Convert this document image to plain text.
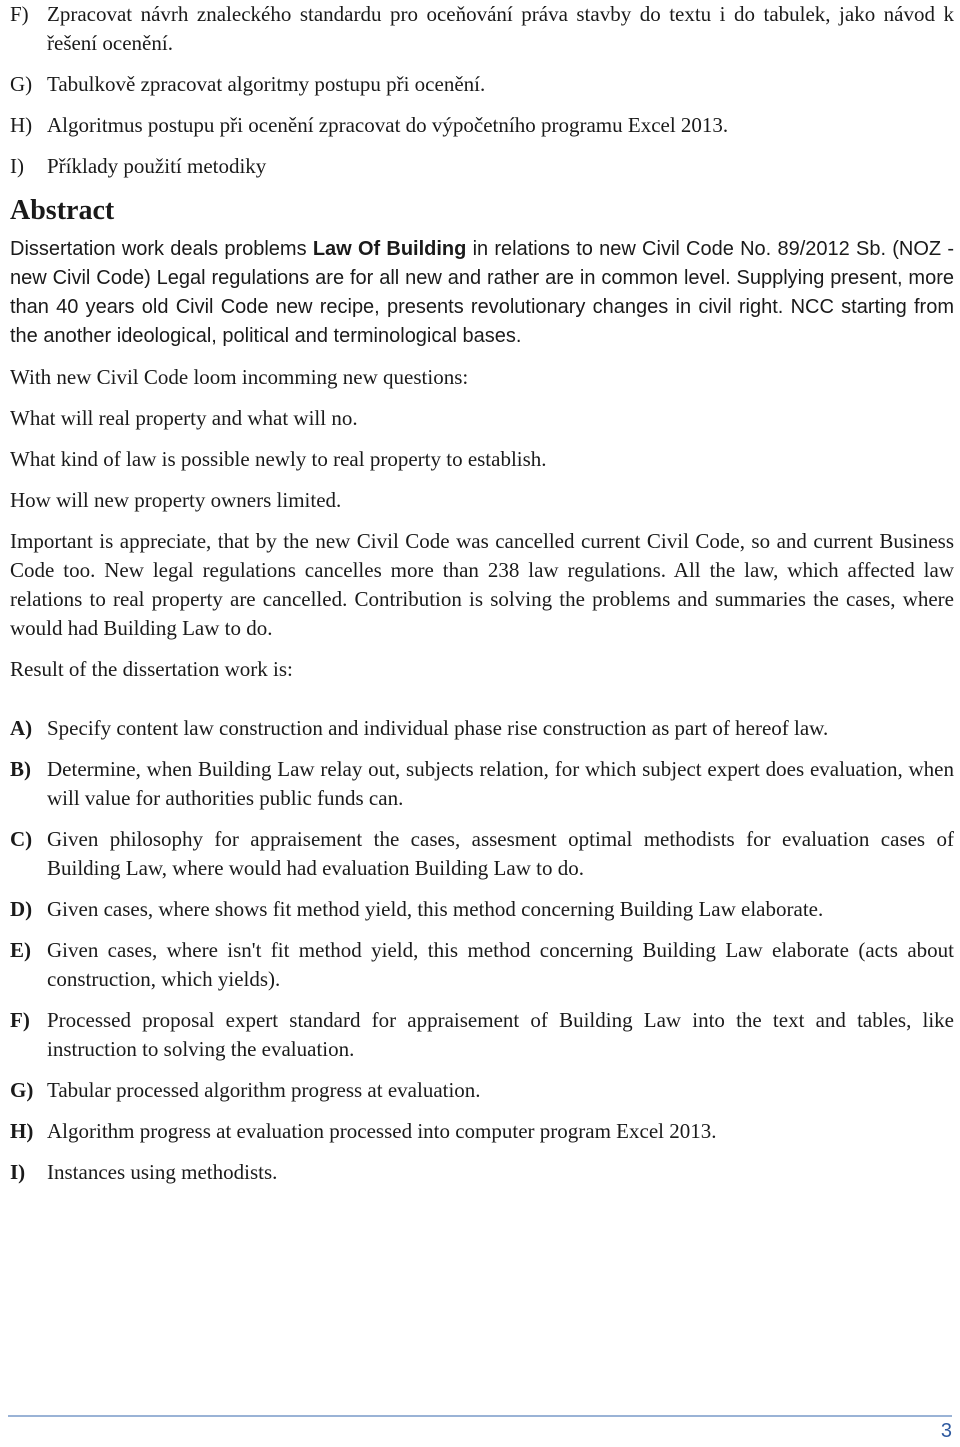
F) Zpracovat návrh znaleckého standardu pro oceňování práva stavby do textu i do tabulek, jako návod k řešení ocenění.
G) Tabulkově zpracovat algoritmy postupu při ocenění.
H) Algoritmus postupu při ocenění zpracovat do výpočetního programu Excel 2013.
I)	Příklady použití metodiky
Abstract

Dissertation work deals problems Law Of Building in relations to new Civil Code No. 89/2012 Sb. (NOZ - new Civil Code) Legal regulations are for all new and rather are in common level. Supplying present, more than 40 years old Civil Code new recipe, presents revolutionary changes in civil right. NCC starting from the another ideological, political and terminological bases.

With new Civil Code loom incomming new questions:

What will real property and what will no.

What kind of law is possible newly to real property to establish.

How will new property owners limited.

Important is appreciate, that by the new Civil Code was cancelled current Civil Code, so and current Business Code too. New legal regulations cancelles more than 238 law regulations. All the law, which affected law relations to real property are cancelled. Contribution is solving the problems and summaries the cases, where would had Building Law to do.

Result of the dissertation work is:

A) Specify content law construction and individual phase rise construction as part of hereof law.
B) Determine, when Building Law relay out, subjects relation, for which subject expert does evaluation, when will value for authorities public funds can.
C) Given philosophy for appraisement the cases, assesment optimal methodists for evaluation cases of Building Law, where would had evaluation Building Law to do.
D) Given cases, where shows fit method yield, this method concerning Building Law elaborate.
E) Given cases, where isn't fit method yield, this method concerning Building Law elaborate (acts about construction, which yields).
F) Processed proposal expert standard for appraisement of Building Law into the text and tables, like instruction to solving the evaluation.
G) Tabular processed algorithm progress at evaluation.
H) Algorithm progress at evaluation processed into computer program Excel 2013.
I)	Instances using methodists.
3
